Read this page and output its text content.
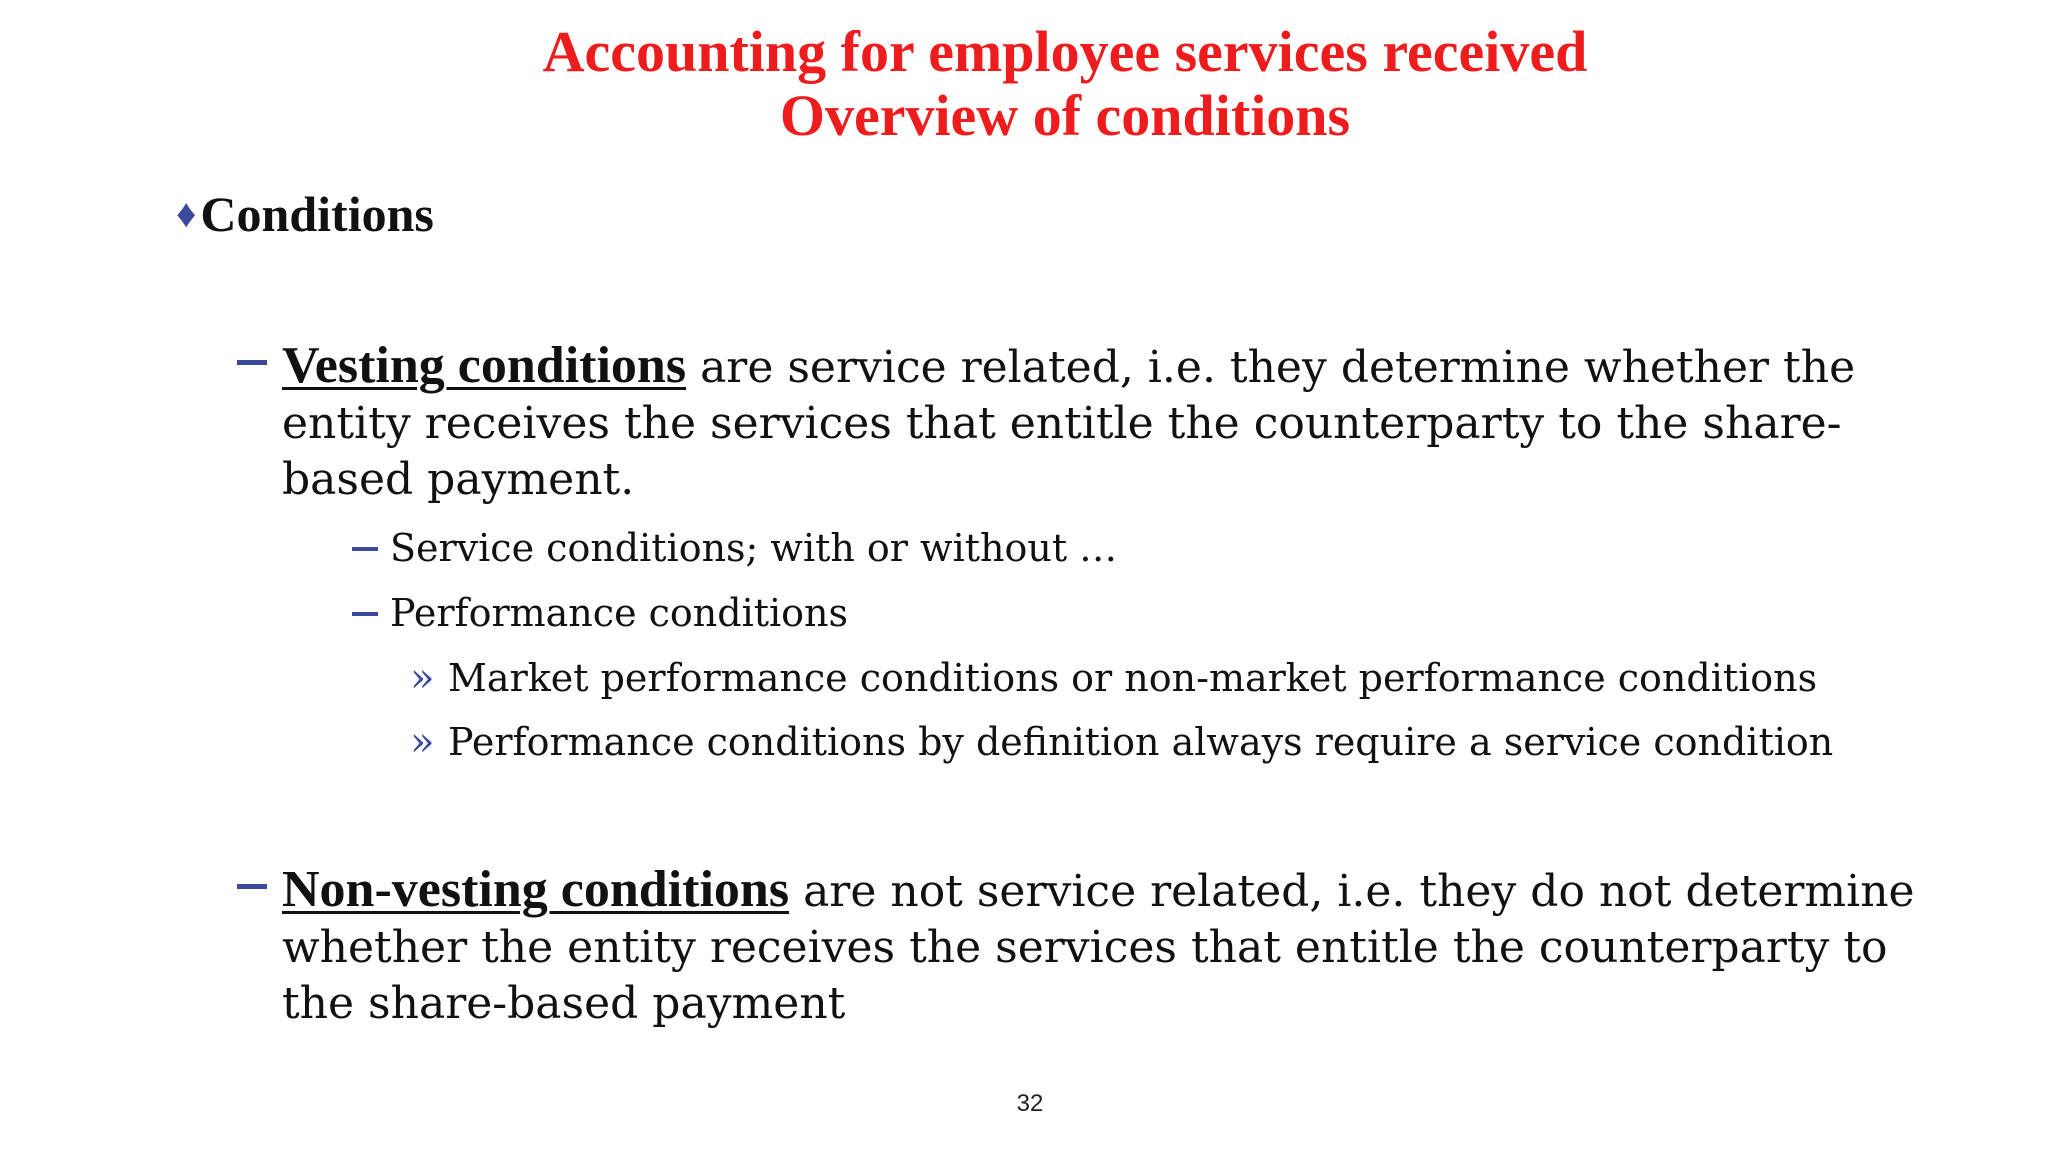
Accounting for employee services received
Overview of conditions
♦Conditions
Vesting conditions are service related, i.e. they determine whether the entity receives the services that entitle the counterparty to the share-based payment.
Service conditions; with or without …
Performance conditions
» Market performance conditions or non-market performance conditions
» Performance conditions by definition always require a service condition
Non-vesting conditions are not service related, i.e. they do not determine whether the entity receives the services that entitle the counterparty to the share-based payment
32
